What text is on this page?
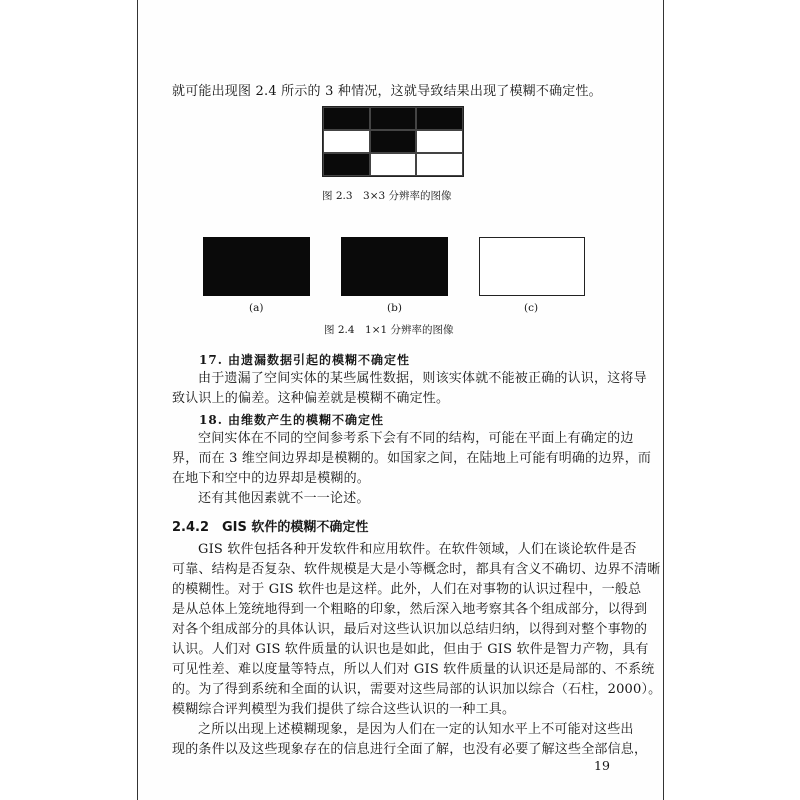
就可能出现图 2.4 所示的 3 种情况，这就导致结果出现了模糊不确定性。
图 2.3　3×3 分辨率的图像
(a)	(b)	(c)
图 2.4　1×1 分辨率的图像
17. 由遗漏数据引起的模糊不确定性
由于遗漏了空间实体的某些属性数据，则该实体就不能被正确的认识，这将导
致认识上的偏差。这种偏差就是模糊不确定性。
18. 由维数产生的模糊不确定性
空间实体在不同的空间参考系下会有不同的结构，可能在平面上有确定的边
界，而在 3 维空间边界却是模糊的。如国家之间，在陆地上可能有明确的边界，而
在地下和空中的边界却是模糊的。
还有其他因素就不一一论述。
2.4.2　GIS 软件的模糊不确定性
GIS 软件包括各种开发软件和应用软件。在软件领域，人们在谈论软件是否
可靠、结构是否复杂、软件规模是大是小等概念时，都具有含义不确切、边界不清晰
的模糊性。对于 GIS 软件也是这样。此外，人们在对事物的认识过程中，一般总
是从总体上笼统地得到一个粗略的印象，然后深入地考察其各个组成部分，以得到
对各个组成部分的具体认识，最后对这些认识加以总结归纳，以得到对整个事物的
认识。人们对 GIS 软件质量的认识也是如此，但由于 GIS 软件是智力产物，具有
可见性差、难以度量等特点，所以人们对 GIS 软件质量的认识还是局部的、不系统
的。为了得到系统和全面的认识，需要对这些局部的认识加以综合（石柱，2000）。
模糊综合评判模型为我们提供了综合这些认识的一种工具。
之所以出现上述模糊现象，是因为人们在一定的认知水平上不可能对这些出
现的条件以及这些现象存在的信息进行全面了解，也没有必要了解这些全部信息，
19
